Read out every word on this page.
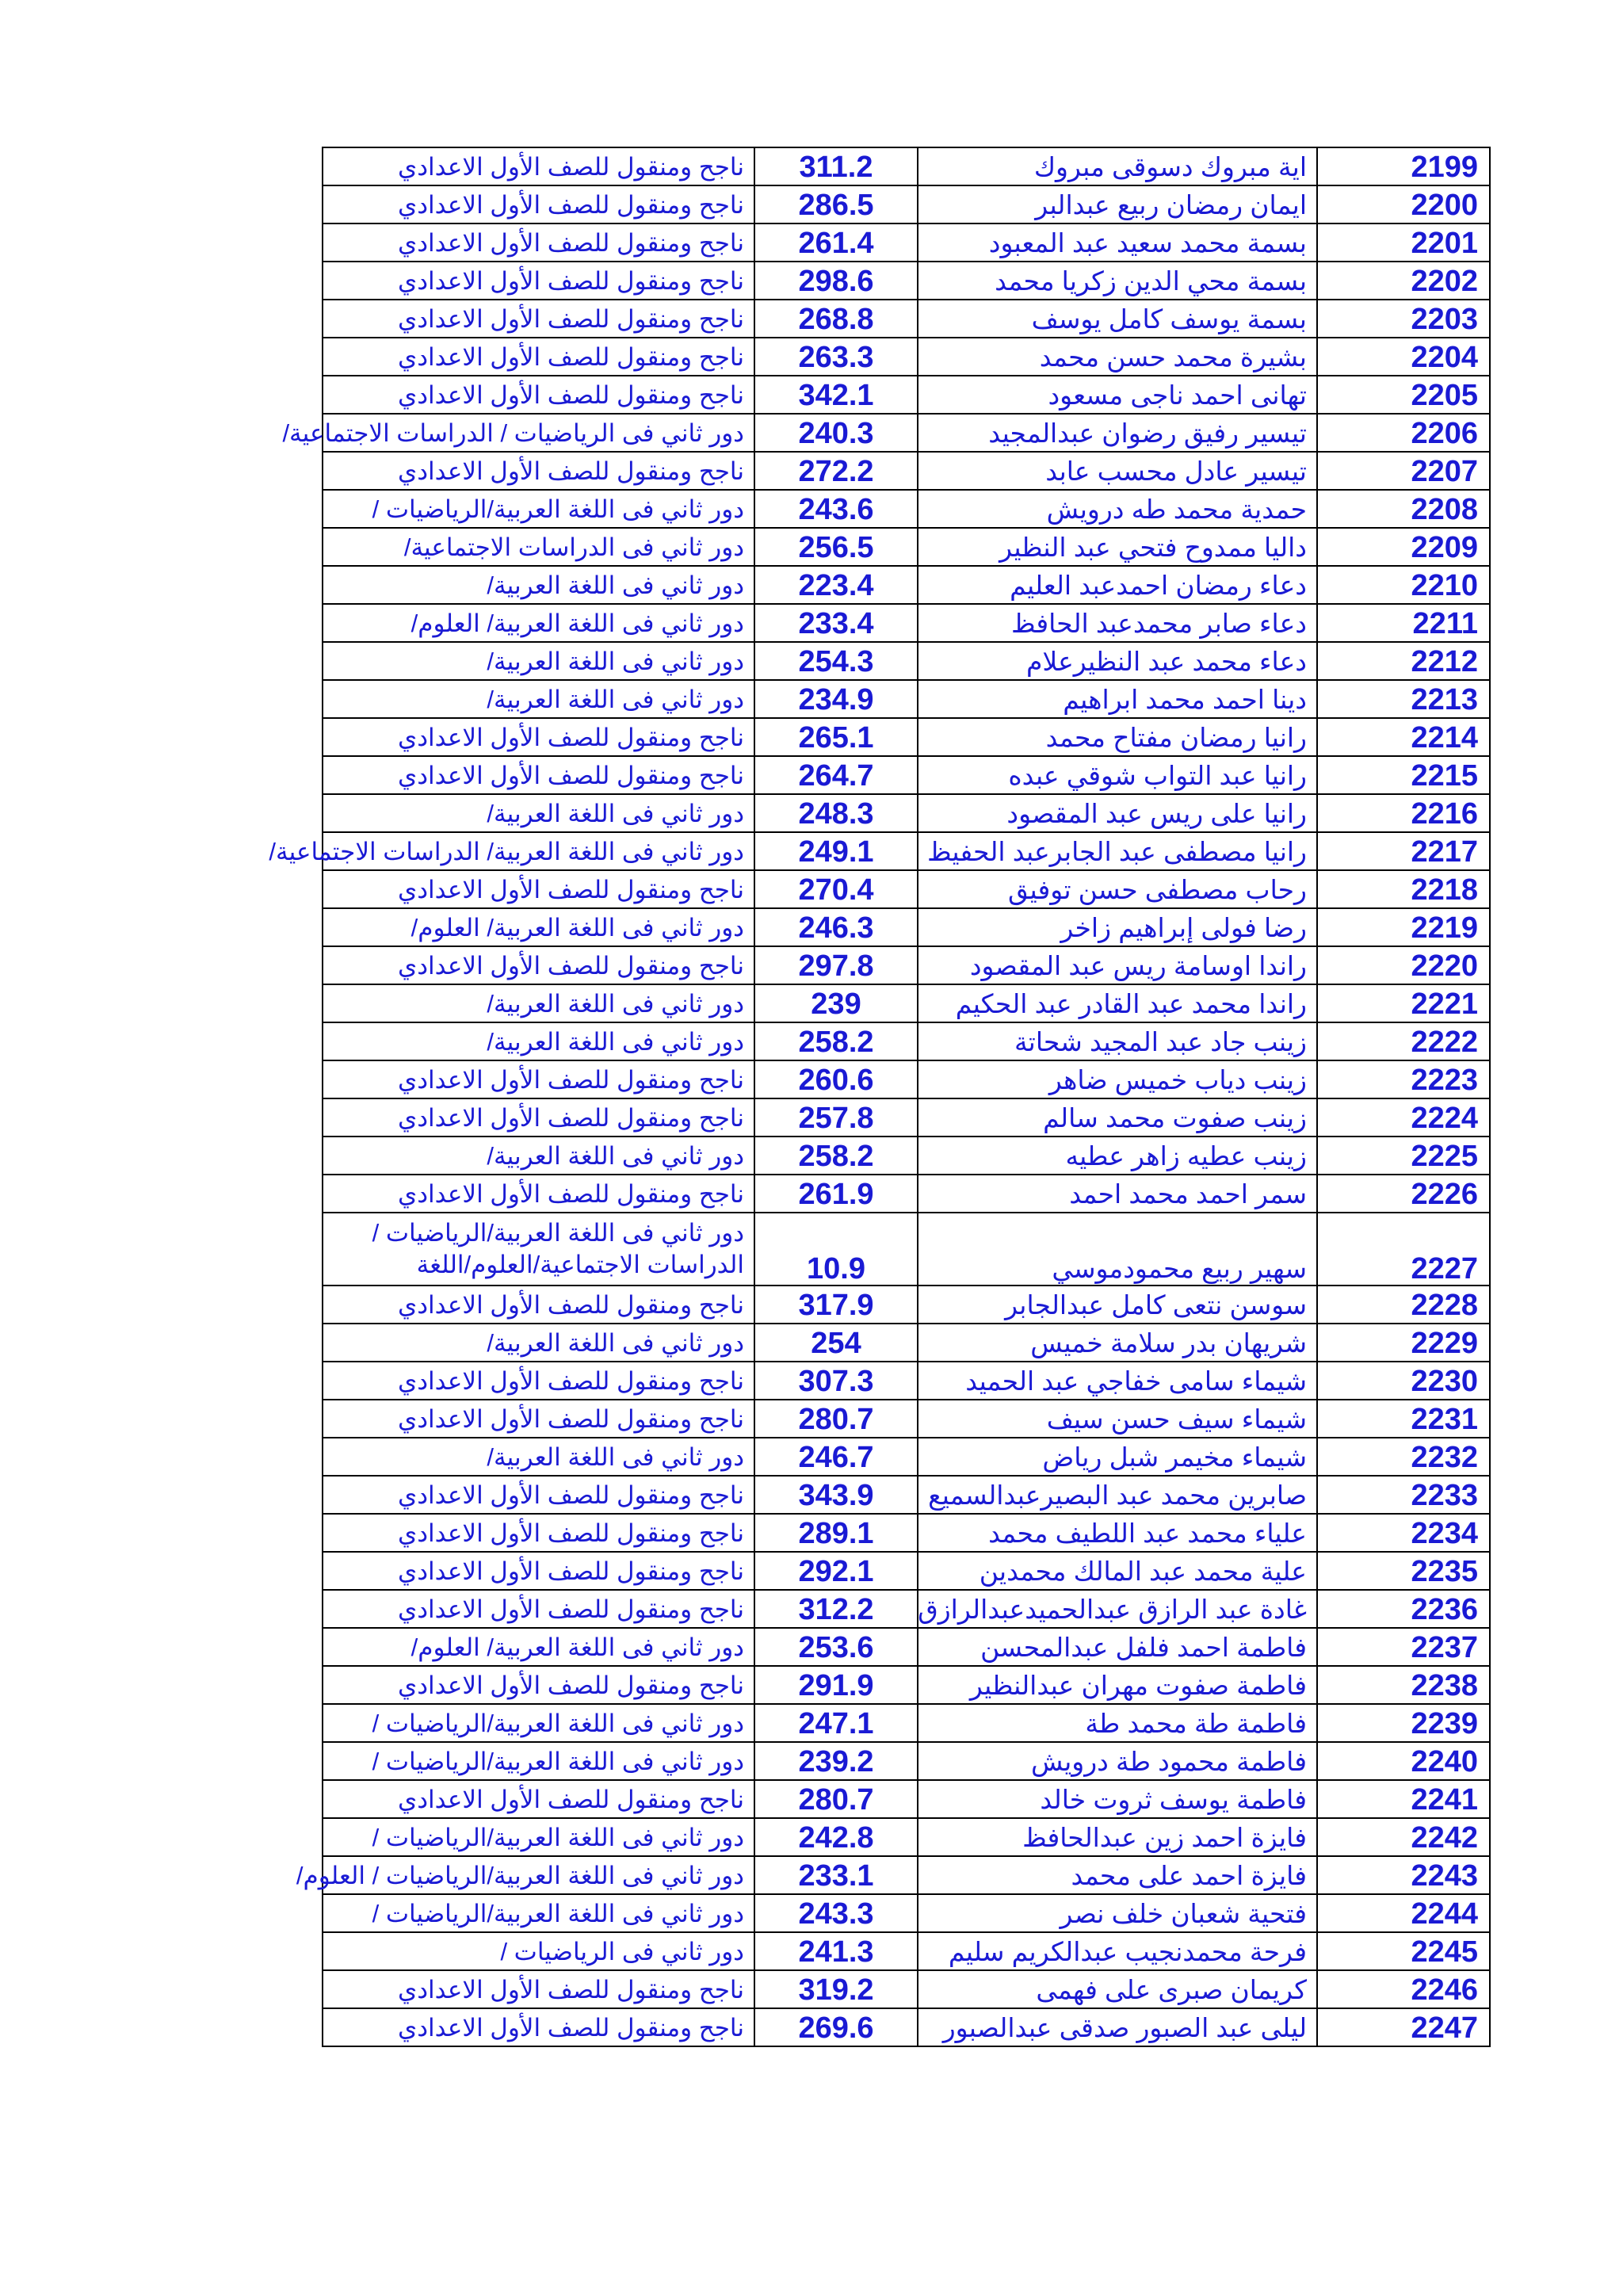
2199	اية مبروك دسوقى مبروك	311.2	ناجح ومنقول للصف الأول الاعدادي
2200	ايمان رمضان ربيع عبدالبر	286.5	ناجح ومنقول للصف الأول الاعدادي
2201	بسمة محمد سعيد عبد المعبود	261.4	ناجح ومنقول للصف الأول الاعدادي
2202	بسمة محي الدين زكريا محمد	298.6	ناجح ومنقول للصف الأول الاعدادي
2203	بسمة يوسف كامل يوسف	268.8	ناجح ومنقول للصف الأول الاعدادي
2204	بشيرة محمد حسن محمد	263.3	ناجح ومنقول للصف الأول الاعدادي
2205	تهانى احمد ناجى مسعود	342.1	ناجح ومنقول للصف الأول الاعدادي
2206	تيسير رفيق رضوان عبدالمجيد	240.3	دور ثاني فى الرياضيات / الدراسات الاجتماعية/
2207	تيسير عادل محسب عابد	272.2	ناجح ومنقول للصف الأول الاعدادي
2208	حمدية محمد طه درويش	243.6	دور ثاني فى اللغة العربية/الرياضيات /
2209	داليا ممدوح فتحي عبد النظير	256.5	دور ثاني فى الدراسات الاجتماعية/
2210	دعاء رمضان احمدعبد العليم	223.4	دور ثاني فى اللغة العربية/
2211	دعاء صابر محمدعبد الحافظ	233.4	دور ثاني فى اللغة العربية/ العلوم/
2212	دعاء محمد عبد النظيرعلام	254.3	دور ثاني فى اللغة العربية/
2213	دينا احمد محمد ابراهيم	234.9	دور ثاني فى اللغة العربية/
2214	رانيا رمضان مفتاح محمد	265.1	ناجح ومنقول للصف الأول الاعدادي
2215	رانيا عبد التواب شوقي عبده	264.7	ناجح ومنقول للصف الأول الاعدادي
2216	رانيا على ريس عبد المقصود	248.3	دور ثاني فى اللغة العربية/
2217	رانيا مصطفى عبد الجابرعبد الحفيظ	249.1	دور ثاني فى اللغة العربية/ الدراسات الاجتماعية/
2218	رحاب مصطفى حسن توفيق	270.4	ناجح ومنقول للصف الأول الاعدادي
2219	رضا فولى إبراهيم زاخر	246.3	دور ثاني فى اللغة العربية/ العلوم/
2220	راندا اوسامة ريس عبد المقصود	297.8	ناجح ومنقول للصف الأول الاعدادي
2221	راندا محمد عبد القادر عبد الحكيم	239	دور ثاني فى اللغة العربية/
2222	زينب جاد عبد المجيد شحاتة	258.2	دور ثاني فى اللغة العربية/
2223	زينب دياب خميس ضاهر	260.6	ناجح ومنقول للصف الأول الاعدادي
2224	زينب صفوت محمد سالم	257.8	ناجح ومنقول للصف الأول الاعدادي
2225	زينب عطيه زاهر عطيه	258.2	دور ثاني فى اللغة العربية/
2226	سمر احمد محمد احمد	261.9	ناجح ومنقول للصف الأول الاعدادي
2227	سهير ربيع محمودموسي	10.9	دور ثاني فى اللغة العربية/الرياضيات / الدراسات الاجتماعية/العلوم/اللغة
2228	سوسن نتعى كامل عبدالجابر	317.9	ناجح ومنقول للصف الأول الاعدادي
2229	شريهان بدر سلامة خميس	254	دور ثاني فى اللغة العربية/
2230	شيماء سامى خفاجي عبد الحميد	307.3	ناجح ومنقول للصف الأول الاعدادي
2231	شيماء سيف حسن سيف	280.7	ناجح ومنقول للصف الأول الاعدادي
2232	شيماء مخيمر شبل رياض	246.7	دور ثاني فى اللغة العربية/
2233	صابرين محمد عبد البصيرعبدالسميع	343.9	ناجح ومنقول للصف الأول الاعدادي
2234	علياء محمد عبد اللطيف محمد	289.1	ناجح ومنقول للصف الأول الاعدادي
2235	علية محمد عبد المالك محمدين	292.1	ناجح ومنقول للصف الأول الاعدادي
2236	غادة عبد الرازق عبدالحميدعبدالرازق	312.2	ناجح ومنقول للصف الأول الاعدادي
2237	فاطمة احمد فلفل عبدالمحسن	253.6	دور ثاني فى اللغة العربية/ العلوم/
2238	فاطمة صفوت مهران عبدالنظير	291.9	ناجح ومنقول للصف الأول الاعدادي
2239	فاطمة طة محمد طة	247.1	دور ثاني فى اللغة العربية/الرياضيات /
2240	فاطمة محمود طة درويش	239.2	دور ثاني فى اللغة العربية/الرياضيات /
2241	فاطمة يوسف ثروت خالد	280.7	ناجح ومنقول للصف الأول الاعدادي
2242	فايزة احمد زين عبدالحافظ	242.8	دور ثاني فى اللغة العربية/الرياضيات /
2243	فايزة احمد على محمد	233.1	دور ثاني فى اللغة العربية/الرياضيات / العلوم/
2244	فتحية شعبان خلف نصر	243.3	دور ثاني فى اللغة العربية/الرياضيات /
2245	فرحة محمدنجيب عبدالكريم سليم	241.3	دور ثاني فى الرياضيات /
2246	كريمان صبرى على فهمى	319.2	ناجح ومنقول للصف الأول الاعدادي
2247	ليلى عبد الصبور صدقى عبدالصبور	269.6	ناجح ومنقول للصف الأول الاعدادي
